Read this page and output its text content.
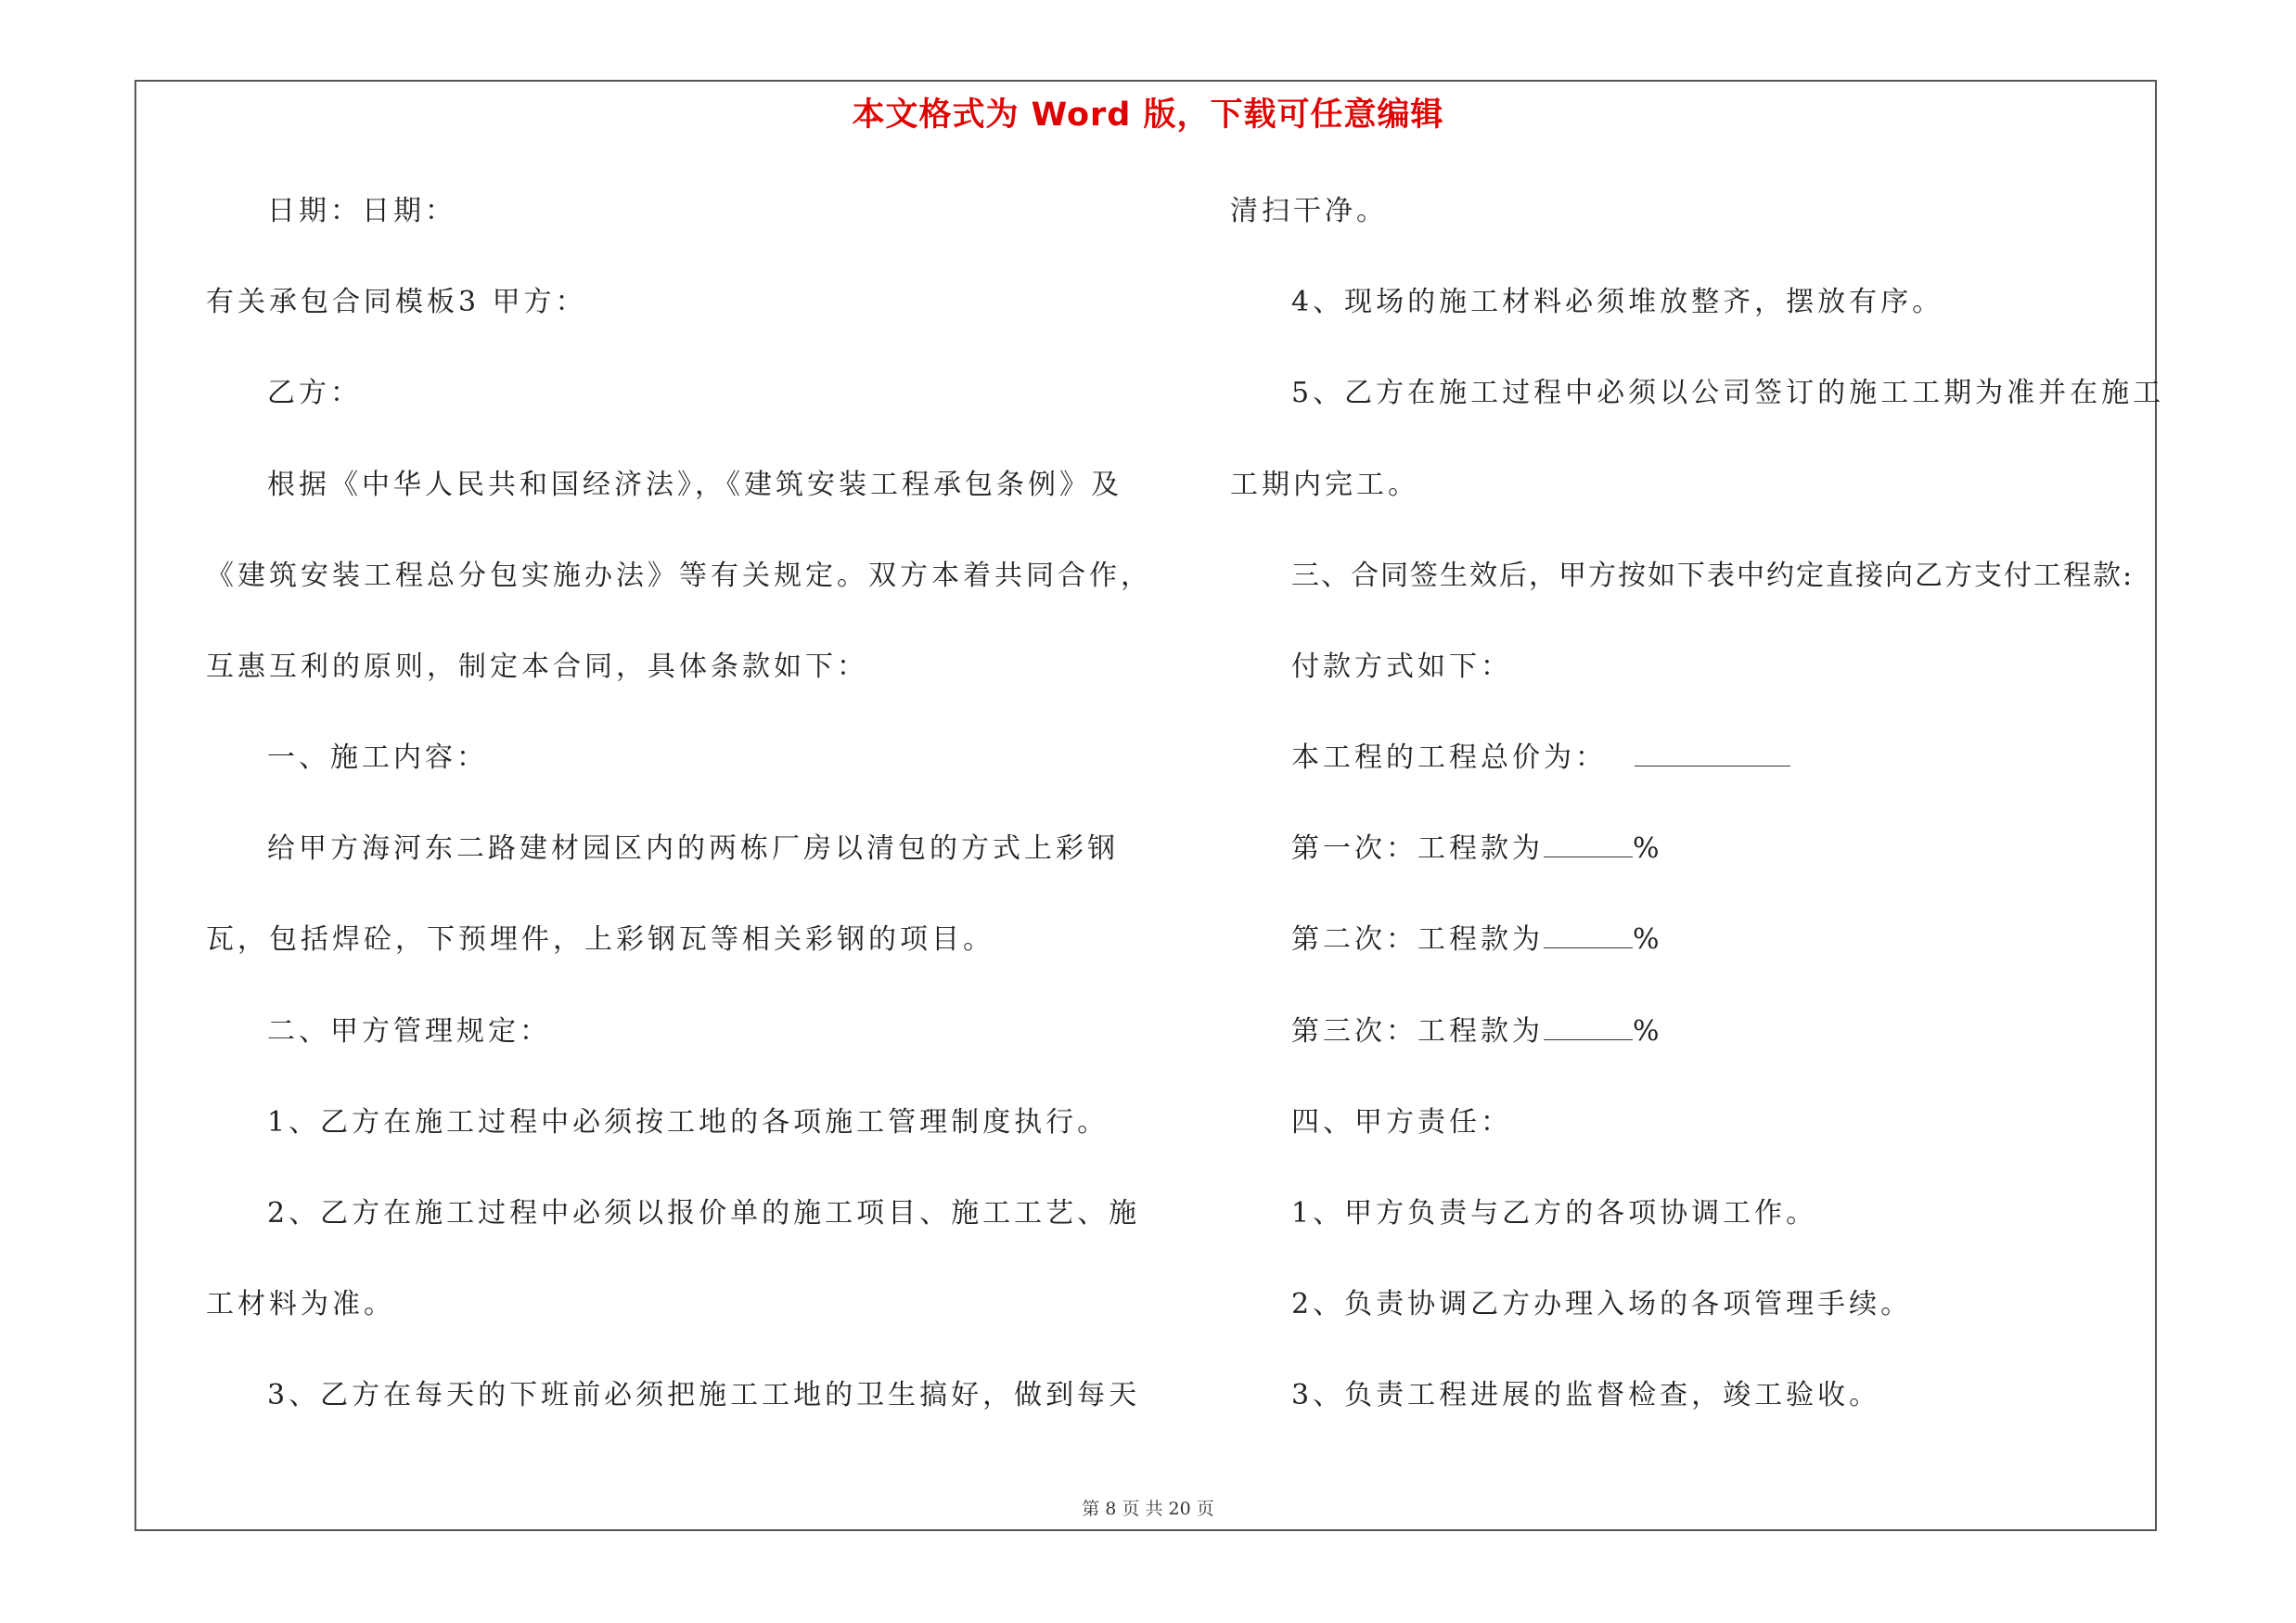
本文格式为 Word 版，下载可任意编辑
日期：日期：
有关承包合同模板3 甲方：
乙方：
根据《中华人民共和国经济法》，《建筑安装工程承包条例》及
《建筑安装工程总分包实施办法》等有关规定。双方本着共同合作，
互惠互利的原则，制定本合同，具体条款如下：
一、施工内容：
给甲方海河东二路建材园区内的两栋厂房以清包的方式上彩钢
瓦，包括焊砼，下预埋件，上彩钢瓦等相关彩钢的项目。
二、甲方管理规定：
1、乙方在施工过程中必须按工地的各项施工管理制度执行。
2、乙方在施工过程中必须以报价单的施工项目、施工工艺、施
工材料为准。
3、乙方在每天的下班前必须把施工工地的卫生搞好，做到每天
清扫干净。
4、现场的施工材料必须堆放整齐，摆放有序。
5、乙方在施工过程中必须以公司签订的施工工期为准并在施工
工期内完工。
三、合同签生效后，甲方按如下表中约定直接向乙方支付工程款:
付款方式如下：
本工程的工程总价为：
第一次：工程款为	%
第二次：工程款为	%
第三次：工程款为	%
四、甲方责任：
1、甲方负责与乙方的各项协调工作。
2、负责协调乙方办理入场的各项管理手续。
3、负责工程进展的监督检查，竣工验收。
第 8 页 共 20 页
